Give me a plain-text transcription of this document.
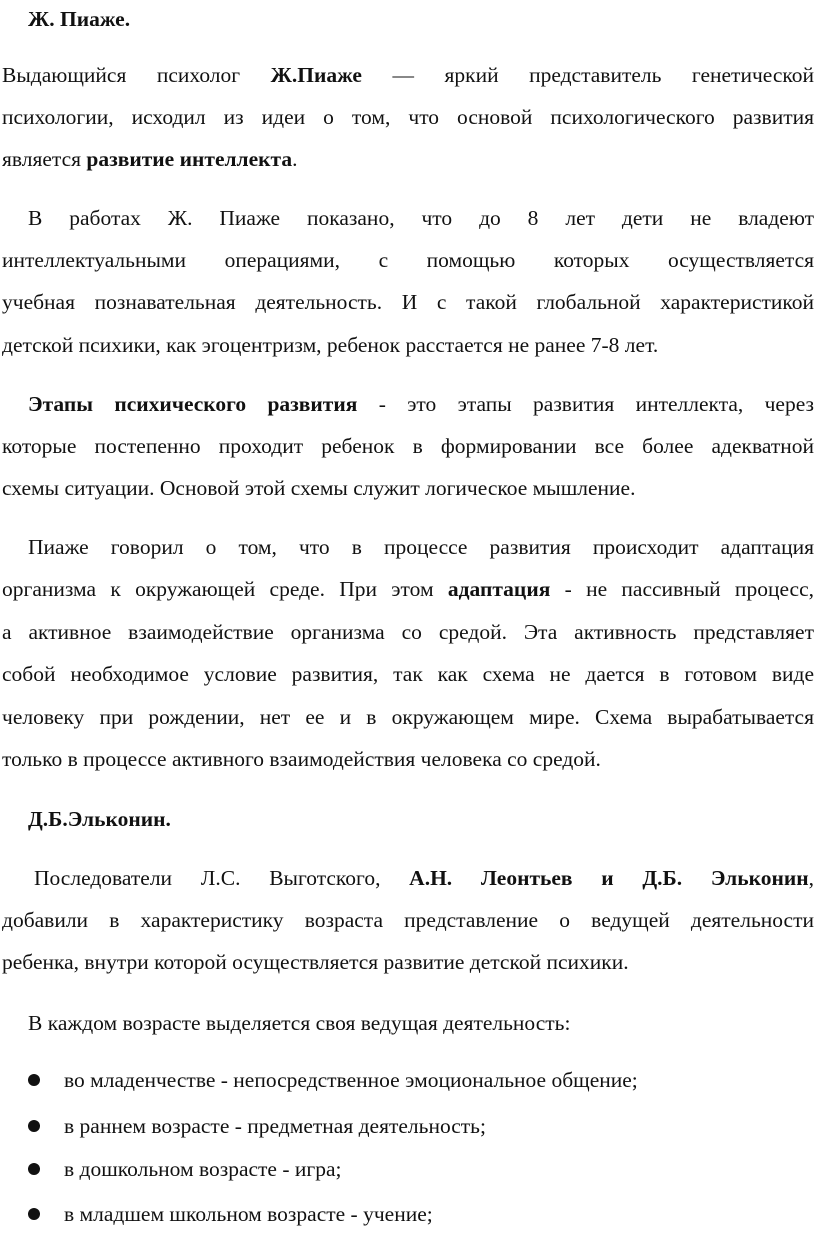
Ж. Пиаже.
Выдающийся психолог Ж.Пиаже — яркий представитель генетической
психологии, исходил из идеи о том, что основой психологического развития
является развитие интеллекта.
В работах Ж. Пиаже показано, что до 8 лет дети не владеют
интеллектуальными операциями, с помощью которых осуществляется
учебная познавательная деятельность. И с такой глобальной характеристикой
детской психики, как эгоцентризм, ребенок расстается не ранее 7-8 лет.
Этапы психического развития - это этапы развития интеллекта, через
которые постепенно проходит ребенок в формировании все более адекватной
схемы ситуации. Основой этой схемы служит логическое мышление.
Пиаже говорил о том, что в процессе развития происходит адаптация
организма к окружающей среде. При этом адаптация - не пассивный процесс,
а активное взаимодействие организма со средой. Эта активность представляет
собой необходимое условие развития, так как схема не дается в готовом виде
человеку при рождении, нет ее и в окружающем мире. Схема вырабатывается
только в процессе активного взаимодействия человека со средой.
Д.Б.Эльконин.
Последователи Л.С. Выготского, А.Н. Леонтьев и Д.Б. Эльконин,
добавили в характеристику возраста представление о ведущей деятельности
ребенка, внутри которой осуществляется развитие детской психики.
В каждом возрасте выделяется своя ведущая деятельность:
во младенчестве - непосредственное эмоциональное общение;
в раннем возрасте - предметная деятельность;
в дошкольном возрасте - игра;
в младшем школьном возрасте - учение;
